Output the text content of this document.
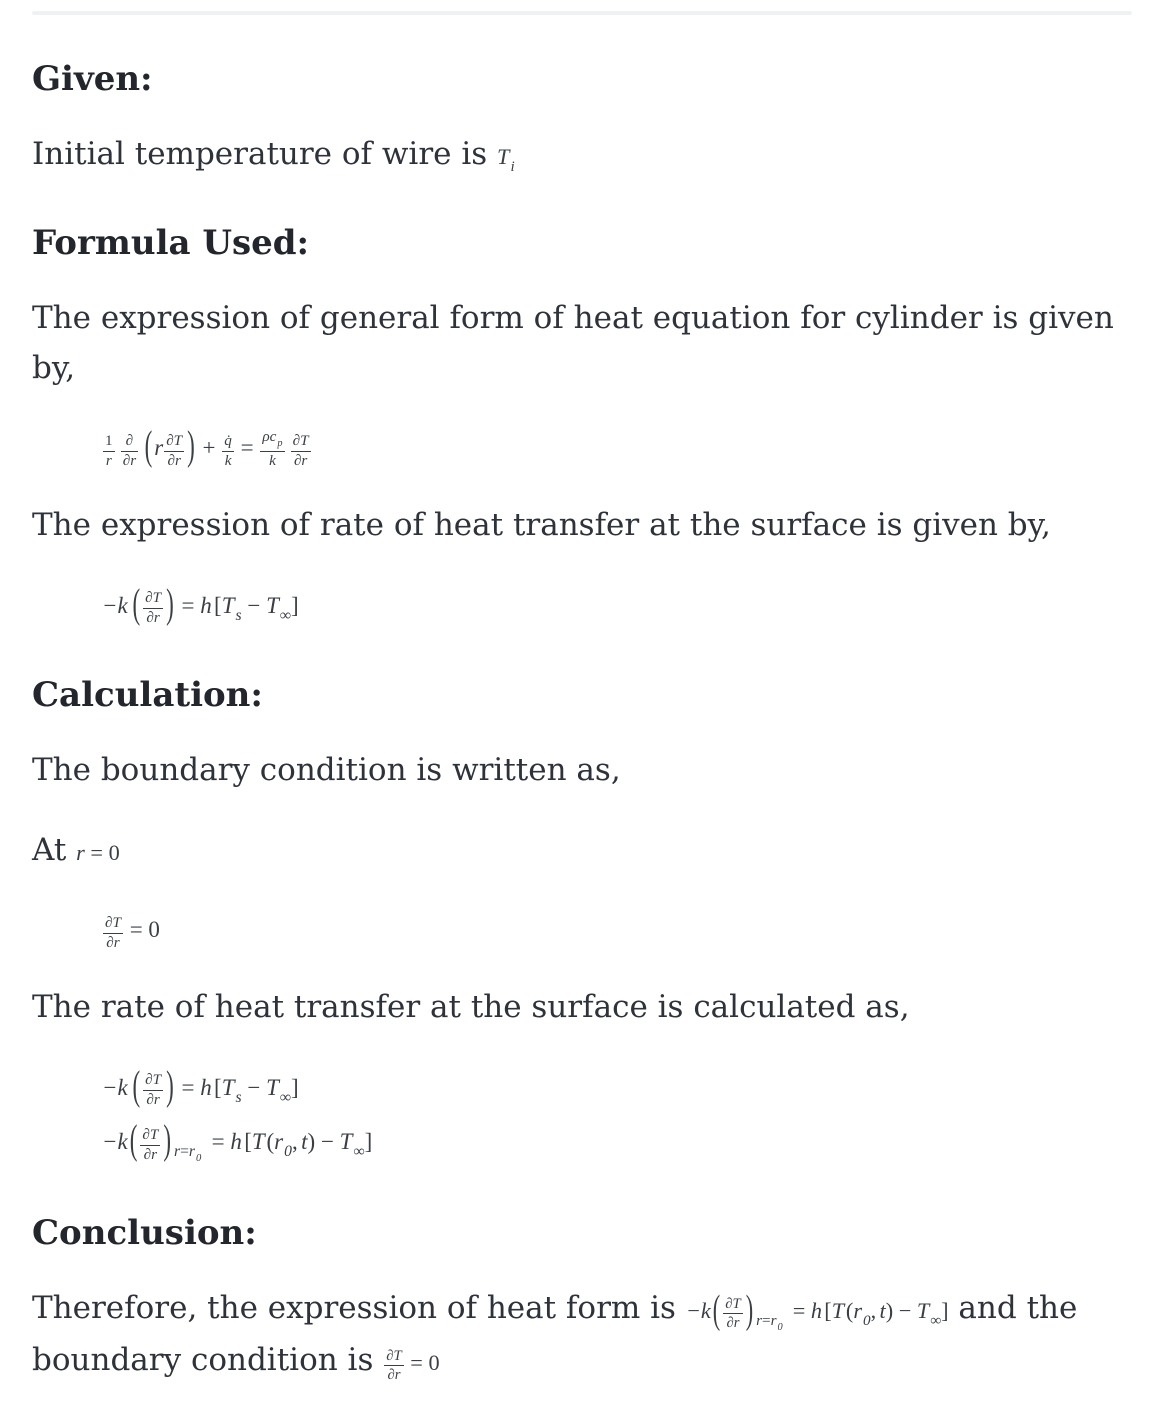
Given:

Initial temperature of wire is $T_i$

Formula Used:

The expression of general form of heat equation for cylinder is given by,

$\frac{1}{r} \frac{\partial}{\partial r} (r \frac{\partial T}{\partial r}$ ) + $\frac{q̇}{k} = \frac{\rho c_p}{k} \frac{\partial T}{\partial r}$

The expression of rate of heat transfer at the surface is given by,

−k ( $\frac{\partial T}{\partial r}$ ) = $h[T_s - T_\infty]$
Calculation:

The boundary condition is written as,

At r = 0

$\frac{\partial T}{\partial r} = 0$

The rate of heat transfer at the surface is calculated as,

−k ( $\frac{\partial T}{\partial r}$ ) = $h[T_s - T_\infty]$
$-k( \frac{\partial T}{\partial r}$ ) $_{r=r_0}= h[T(r_0$, $t) - T_\infty$]
Conclusion:

Therefore, the expression of heat form is $-k( \frac{\partial T}{\partial r}$ ) $_{r=r_0}= h[T(r_0$, $t) - T_\infty$] and the boundary condition is $\frac{\partial T}{\partial r} = 0$
